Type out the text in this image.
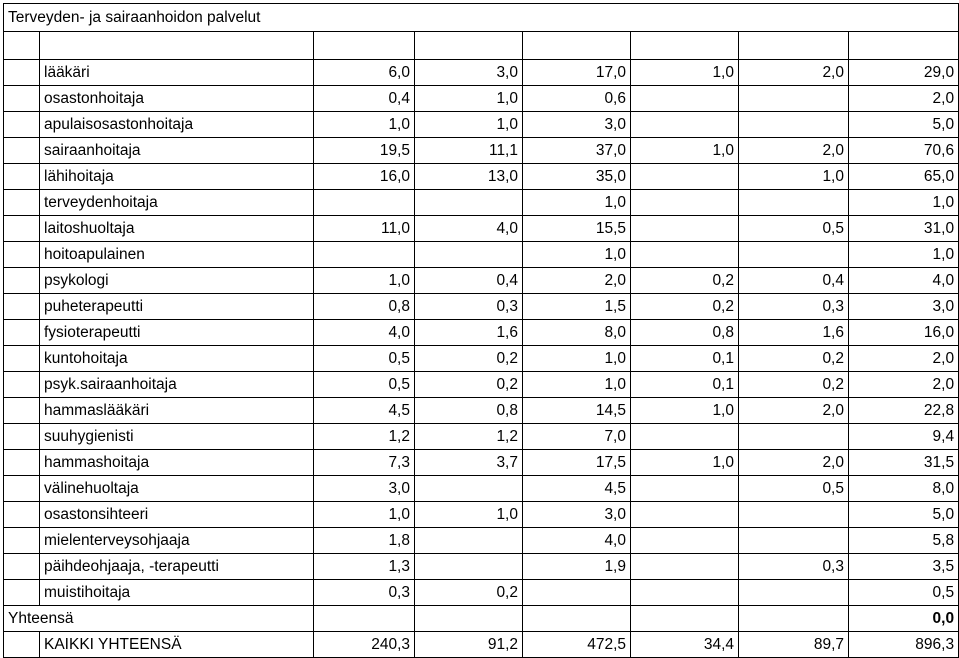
Terveyden- ja sairaanhoidon palvelut							

	lääkäri	6,0	3,0	17,0	1,0	2,0	29,0
	osastonhoitaja	0,4	1,0	0,6			2,0
	apulaisosastonhoitaja	1,0	1,0	3,0			5,0
	sairaanhoitaja	19,5	11,1	37,0	1,0	2,0	70,6
	lähihoitaja	16,0	13,0	35,0		1,0	65,0
	terveydenhoitaja			1,0			1,0
	laitoshuoltaja	11,0	4,0	15,5		0,5	31,0
	hoitoapulainen			1,0			1,0
	psykologi	1,0	0,4	2,0	0,2	0,4	4,0
	puheterapeutti	0,8	0,3	1,5	0,2	0,3	3,0
	fysioterapeutti	4,0	1,6	8,0	0,8	1,6	16,0
	kuntohoitaja	0,5	0,2	1,0	0,1	0,2	2,0
	psyk.sairaanhoitaja	0,5	0,2	1,0	0,1	0,2	2,0
	hammaslääkäri	4,5	0,8	14,5	1,0	2,0	22,8
	suuhygienisti	1,2	1,2	7,0			9,4
	hammashoitaja	7,3	3,7	17,5	1,0	2,0	31,5
	välinehuoltaja	3,0		4,5		0,5	8,0
	osastonsihteeri	1,0	1,0	3,0			5,0
	mielenterveysohjaaja	1,8		4,0			5,8
	päihdeohjaaja, -terapeutti	1,3		1,9		0,3	3,5
	muistihoitaja	0,3	0,2				0,5
Yhteensä							0,0
	KAIKKI YHTEENSÄ	240,3	91,2	472,5	34,4	89,7	896,3
